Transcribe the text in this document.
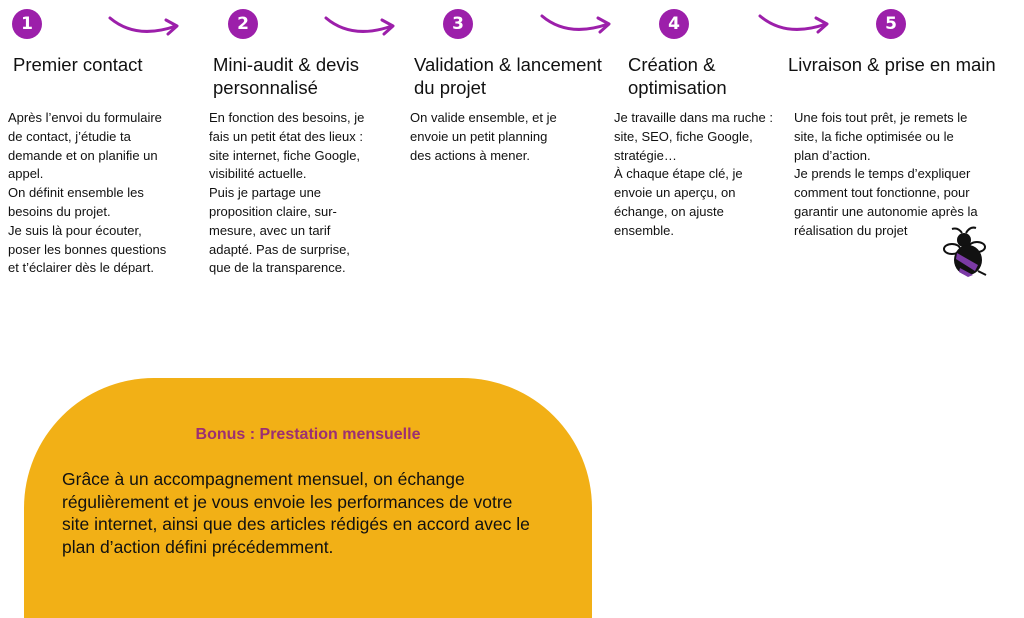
1	2	3	4	5
Premier contact	Mini-audit & devis
personnalisé
Validation & lancement
du projet
Création &
optimisation
Livraison & prise en main
Après l’envoi du formulaire
de contact, j’étudie ta
demande et on planifie un
appel.
On définit ensemble les
besoins du projet.
Je suis là pour écouter,
poser les bonnes questions
et t’éclairer dès le départ.
En fonction des besoins, je
fais un petit état des lieux :
site internet, fiche Google,
visibilité actuelle.
Puis je partage une
proposition claire, sur-
mesure, avec un tarif
adapté. Pas de surprise,
que de la transparence.
On valide ensemble, et je
envoie un petit planning
des actions à mener.
Je travaille dans ma ruche :
site, SEO, fiche Google,
stratégie…
À chaque étape clé, je
envoie un aperçu, on
échange, on ajuste
ensemble.
Une fois tout prêt, je remets le
site, la fiche optimisée ou le
plan d’action.
Je prends le temps d’expliquer
comment tout fonctionne, pour
garantir une autonomie après la
réalisation du projet
Bonus : Prestation mensuelle
Grâce à un accompagnement mensuel, on échange
régulièrement et je vous envoie les performances de votre
site internet, ainsi que des articles rédigés en accord avec le
plan d’action défini précédemment.
